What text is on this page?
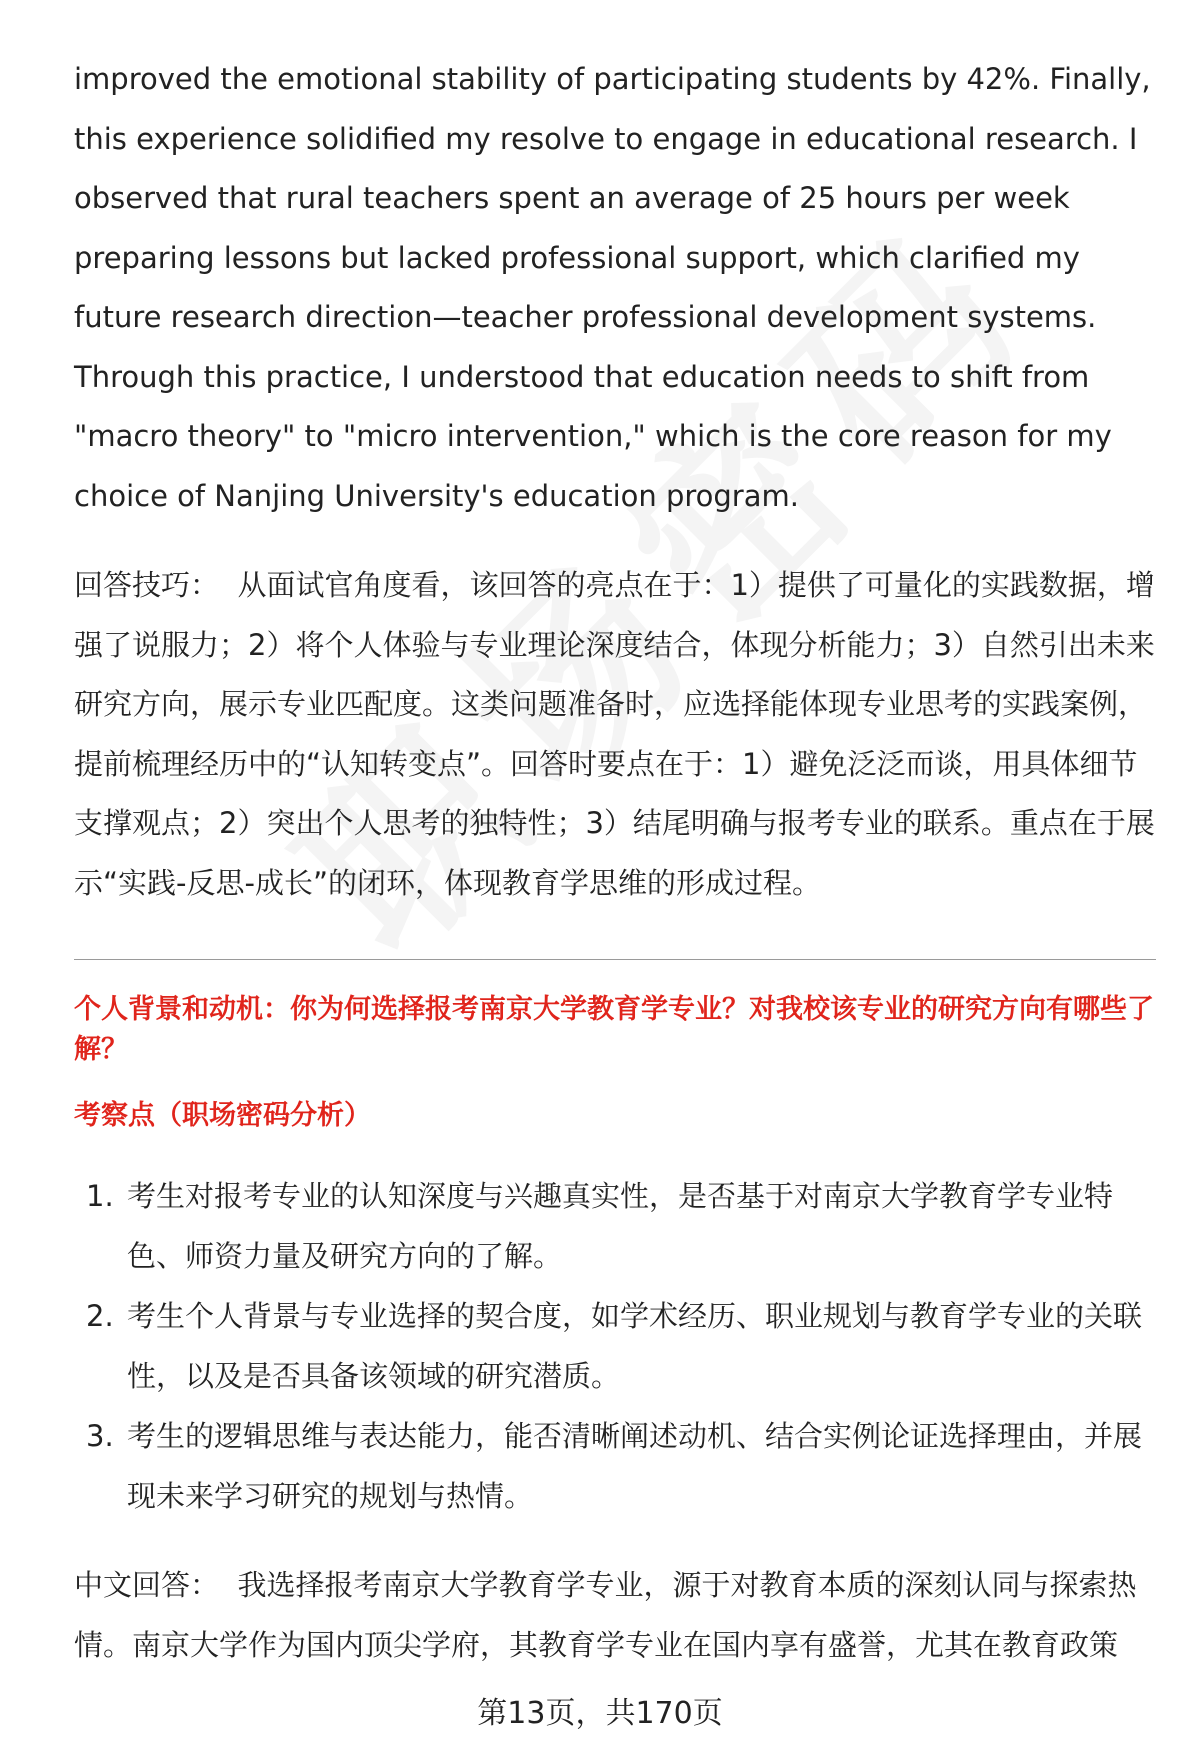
improved the emotional stability of participating students by 42%. Finally, this experience solidified my resolve to engage in educational research. I observed that rural teachers spent an average of 25 hours per week preparing lessons but lacked professional support, which clarified my future research direction—teacher professional development systems. Through this practice, I understood that education needs to shift from "macro theory" to "micro intervention," which is the core reason for my choice of Nanjing University's education program.

回答技巧： 从面试官角度看，该回答的亮点在于：1）提供了可量化的实践数据，增强了说服力；2）将个人体验与专业理论深度结合，体现分析能力；3）自然引出未来研究方向，展示专业匹配度。这类问题准备时，应选择能体现专业思考的实践案例，提前梳理经历中的“认知转变点”。回答时要点在于：1）避免泛泛而谈，用具体细节支撑观点；2）突出个人思考的独特性；3）结尾明确与报考专业的联系。重点在于展示“实践-反思-成长”的闭环，体现教育学思维的形成过程。

个人背景和动机：你为何选择报考南京大学教育学专业？对我校该专业的研究方向有哪些了解？

考察点（职场密码分析）

1. 考生对报考专业的认知深度与兴趣真实性，是否基于对南京大学教育学专业特色、师资力量及研究方向的了解。
2. 考生个人背景与专业选择的契合度，如学术经历、职业规划与教育学专业的关联性，以及是否具备该领域的研究潜质。
3. 考生的逻辑思维与表达能力，能否清晰阐述动机、结合实例论证选择理由，并展现未来学习研究的规划与热情。

中文回答： 我选择报考南京大学教育学专业，源于对教育本质的深刻认同与探索热情。南京大学作为国内顶尖学府，其教育学专业在国内享有盛誉，尤其在教育政策

第13页，共170页
